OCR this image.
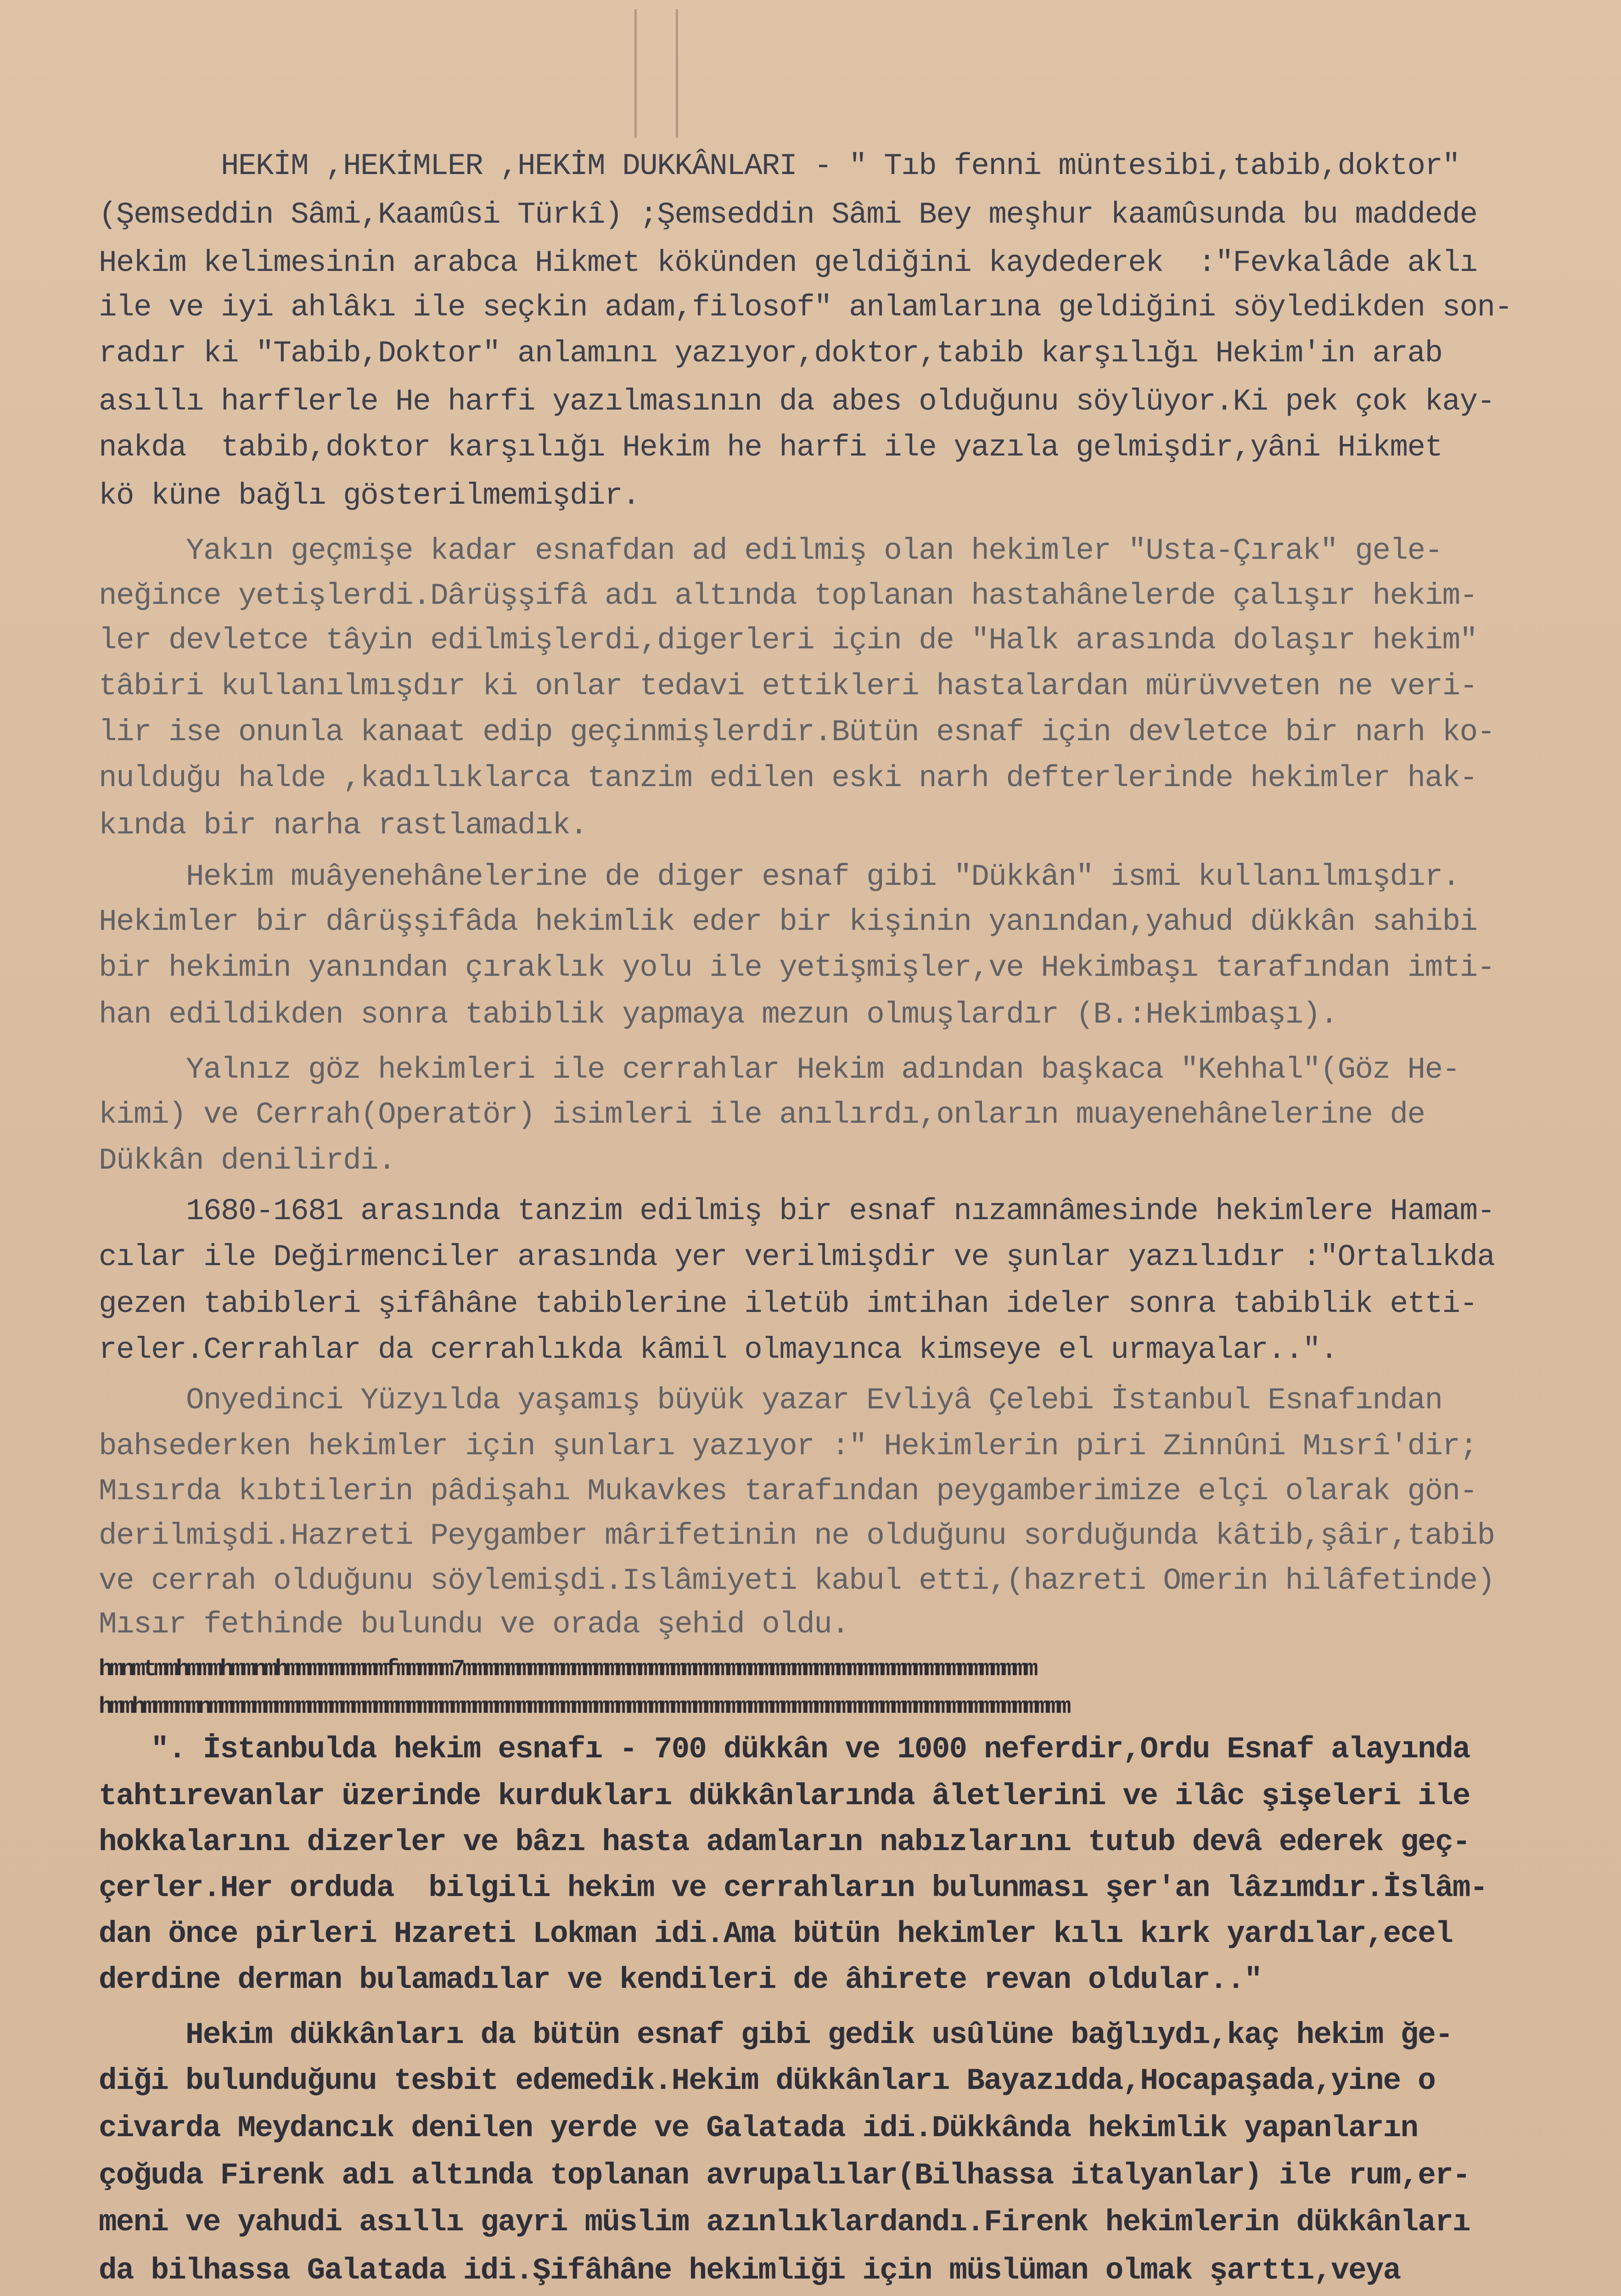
HEKİM ,HEKİMLER ,HEKİM DUKKÂNLARI - " Tıb fenni müntesibi,tabib,doktor"
(Şemseddin Sâmi,Kaamûsi Türkî) ;Şemseddin Sâmi Bey meşhur kaamûsunda bu maddede
Hekim kelimesinin arabca Hikmet kökünden geldiğini kaydederek  :"Fevkalâde aklı
ile ve iyi ahlâkı ile seçkin adam,filosof" anlamlarına geldiğini söyledikden son-
radır ki "Tabib,Doktor" anlamını yazıyor,doktor,tabib karşılığı Hekim'in arab
asıllı harflerle He harfi yazılmasının da abes olduğunu söylüyor.Ki pek çok kay-
nakda  tabib,doktor karşılığı Hekim he harfi ile yazıla gelmişdir,yâni Hikmet
kö küne bağlı gösterilmemişdir.
Yakın geçmişe kadar esnafdan ad edilmiş olan hekimler "Usta-Çırak" gele-
neğince yetişlerdi.Dârüşşifâ adı altında toplanan hastahânelerde çalışır hekim-
ler devletce tâyin edilmişlerdi,digerleri için de "Halk arasında dolaşır hekim"
tâbiri kullanılmışdır ki onlar tedavi ettikleri hastalardan mürüvveten ne veri-
lir ise onunla kanaat edip geçinmişlerdir.Bütün esnaf için devletce bir narh ko-
nulduğu halde ,kadılıklarca tanzim edilen eski narh defterlerinde hekimler hak-
kında bir narha rastlamadık.
Hekim muâyenehânelerine de diger esnaf gibi "Dükkân" ismi kullanılmışdır.
Hekimler bir dârüşşifâda hekimlik eder bir kişinin yanından,yahud dükkân sahibi
bir hekimin yanından çıraklık yolu ile yetişmişler,ve Hekimbaşı tarafından imti-
han edildikden sonra tabiblik yapmaya mezun olmuşlardır (B.:Hekimbaşı).
Yalnız göz hekimleri ile cerrahlar Hekim adından başkaca "Kehhal"(Göz He-
kimi) ve Cerrah(Operatör) isimleri ile anılırdı,onların muayenehânelerine de
Dükkân denilirdi.
1680-1681 arasında tanzim edilmiş bir esnaf nızamnâmesinde hekimlere Hamam-
cılar ile Değirmenciler arasında yer verilmişdir ve şunlar yazılıdır :"Ortalıkda
gezen tabibleri şifâhâne tabiblerine iletüb imtihan ideler sonra tabiblik etti-
reler.Cerrahlar da cerrahlıkda kâmil olmayınca kimseye el urmayalar..".
Onyedinci Yüzyılda yaşamış büyük yazar Evliyâ Çelebi İstanbul Esnafından
bahsederken hekimler için şunları yazıyor :" Hekimlerin piri Zinnûni Mısrî'dir;
Mısırda kıbtilerin pâdişahı Mukavkes tarafından peygamberimize elçi olarak gön-
derilmişdi.Hazreti Peygamber mârifetinin ne olduğunu sorduğunda kâtib,şâir,tabib
ve cerrah olduğunu söylemişdi.Islâmiyeti kabul etti,(hazreti Omerin hilâfetinde)
Mısır fethinde bulundu ve orada şehid oldu.
hmnmtmmhmmmhmmnmhmmmmmmmmmfmmmmm7mmmmmmmmmmmmmmmmmmmmmmmmmmmmmmmmmmmmmmmmmmmmmmmmmmmm
hmmhmmmmmnmmmmmmmmmmmmmmmmmmmmmmmmmmmmmmmmmmmmmmmmmmmmmmmmmmmmmmmmmmmmmmmmmmmmmmmmmmmmmm
". İstanbulda hekim esnafı - 700 dükkân ve 1000 neferdir,Ordu Esnaf alayında
tahtırevanlar üzerinde kurdukları dükkânlarında âletlerini ve ilâc şişeleri ile
hokkalarını dizerler ve bâzı hasta adamların nabızlarını tutub devâ ederek geç-
çerler.Her orduda  bilgili hekim ve cerrahların bulunması şer'an lâzımdır.İslâm-
dan önce pirleri Hzareti Lokman idi.Ama bütün hekimler kılı kırk yardılar,ecel
derdine derman bulamadılar ve kendileri de âhirete revan oldular.."
Hekim dükkânları da bütün esnaf gibi gedik usûlüne bağlıydı,kaç hekim ğe-
diği bulunduğunu tesbit edemedik.Hekim dükkânları Bayazıdda,Hocapaşada,yine o
civarda Meydancık denilen yerde ve Galatada idi.Dükkânda hekimlik yapanların
çoğuda Firenk adı altında toplanan avrupalılar(Bilhassa italyanlar) ile rum,er-
meni ve yahudi asıllı gayri müslim azınlıklardandı.Firenk hekimlerin dükkânları
da bilhassa Galatada idi.Şifâhâne hekimliği için müslüman olmak şarttı,veya
